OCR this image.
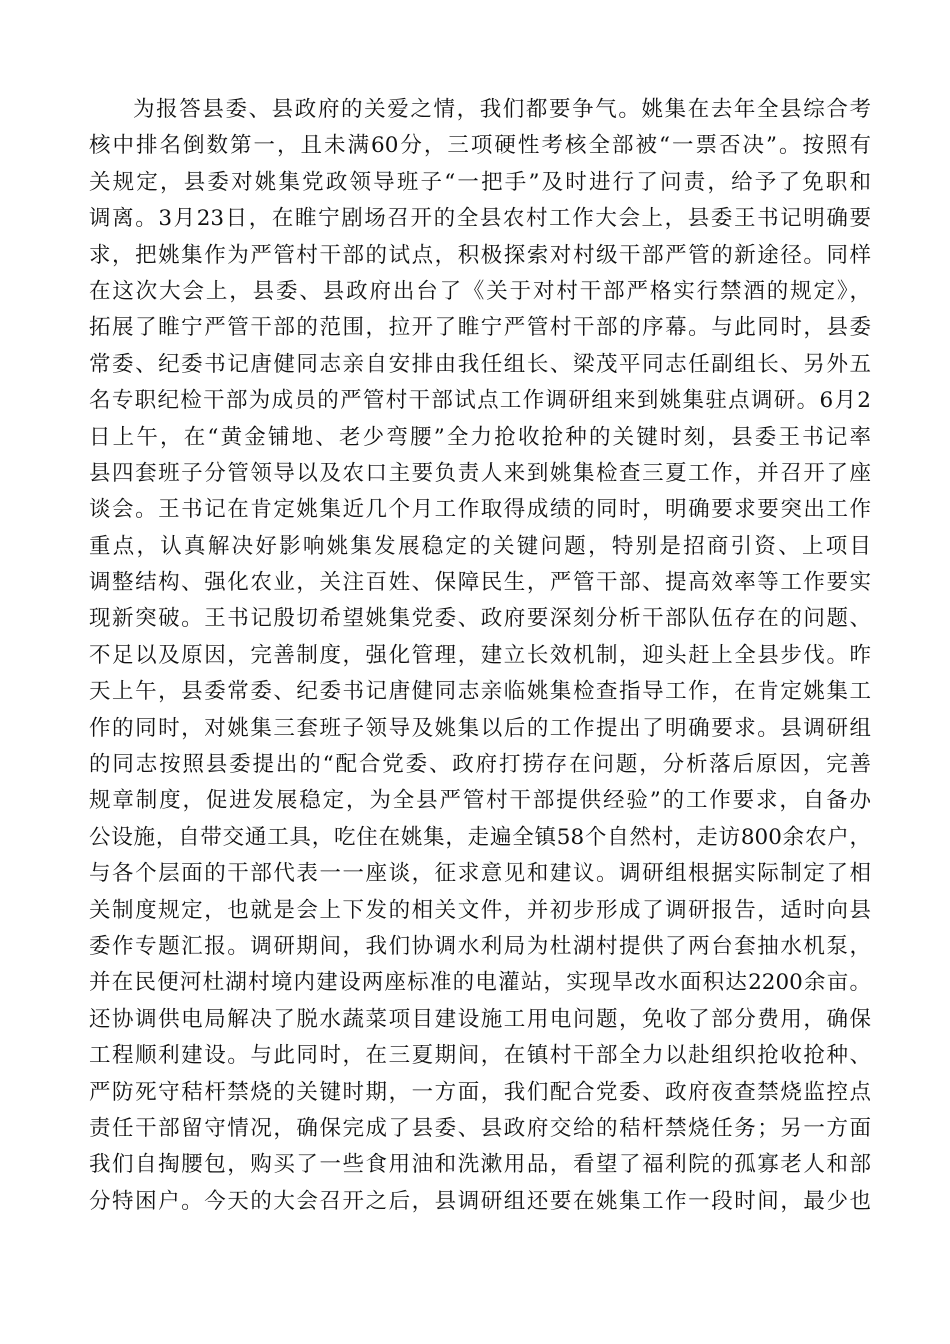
为报答县委、县政府的关爱之情，我们都要争气。姚集在去年全县综合考
核中排名倒数第一，且未满60分，三项硬性考核全部被“一票否决”。按照有
关规定，县委对姚集党政领导班子“一把手”及时进行了问责，给予了免职和
调离。3月23日，在睢宁剧场召开的全县农村工作大会上，县委王书记明确要
求，把姚集作为严管村干部的试点，积极探索对村级干部严管的新途径。同样
在这次大会上，县委、县政府出台了《关于对村干部严格实行禁酒的规定》，
拓展了睢宁严管干部的范围，拉开了睢宁严管村干部的序幕。与此同时，县委
常委、纪委书记唐健同志亲自安排由我任组长、梁茂平同志任副组长、另外五
名专职纪检干部为成员的严管村干部试点工作调研组来到姚集驻点调研。6月2
日上午，在“黄金铺地、老少弯腰”全力抢收抢种的关键时刻，县委王书记率
县四套班子分管领导以及农口主要负责人来到姚集检查三夏工作，并召开了座
谈会。王书记在肯定姚集近几个月工作取得成绩的同时，明确要求要突出工作
重点，认真解决好影响姚集发展稳定的关键问题，特别是招商引资、上项目
调整结构、强化农业，关注百姓、保障民生，严管干部、提高效率等工作要实
现新突破。王书记殷切希望姚集党委、政府要深刻分析干部队伍存在的问题、
不足以及原因，完善制度，强化管理，建立长效机制，迎头赶上全县步伐。昨
天上午，县委常委、纪委书记唐健同志亲临姚集检查指导工作，在肯定姚集工
作的同时，对姚集三套班子领导及姚集以后的工作提出了明确要求。县调研组
的同志按照县委提出的“配合党委、政府打捞存在问题，分析落后原因，完善
规章制度，促进发展稳定，为全县严管村干部提供经验”的工作要求，自备办
公设施，自带交通工具，吃住在姚集，走遍全镇58个自然村，走访800余农户，
与各个层面的干部代表一一座谈，征求意见和建议。调研组根据实际制定了相
关制度规定，也就是会上下发的相关文件，并初步形成了调研报告，适时向县
委作专题汇报。调研期间，我们协调水利局为杜湖村提供了两台套抽水机泵，
并在民便河杜湖村境内建设两座标准的电灌站，实现旱改水面积达2200余亩。
还协调供电局解决了脱水蔬菜项目建设施工用电问题，免收了部分费用，确保
工程顺利建设。与此同时，在三夏期间，在镇村干部全力以赴组织抢收抢种、
严防死守秸杆禁烧的关键时期，一方面，我们配合党委、政府夜查禁烧监控点
责任干部留守情况，确保完成了县委、县政府交给的秸杆禁烧任务；另一方面
我们自掏腰包，购买了一些食用油和洗漱用品，看望了福利院的孤寡老人和部
分特困户。今天的大会召开之后，县调研组还要在姚集工作一段时间，最少也
